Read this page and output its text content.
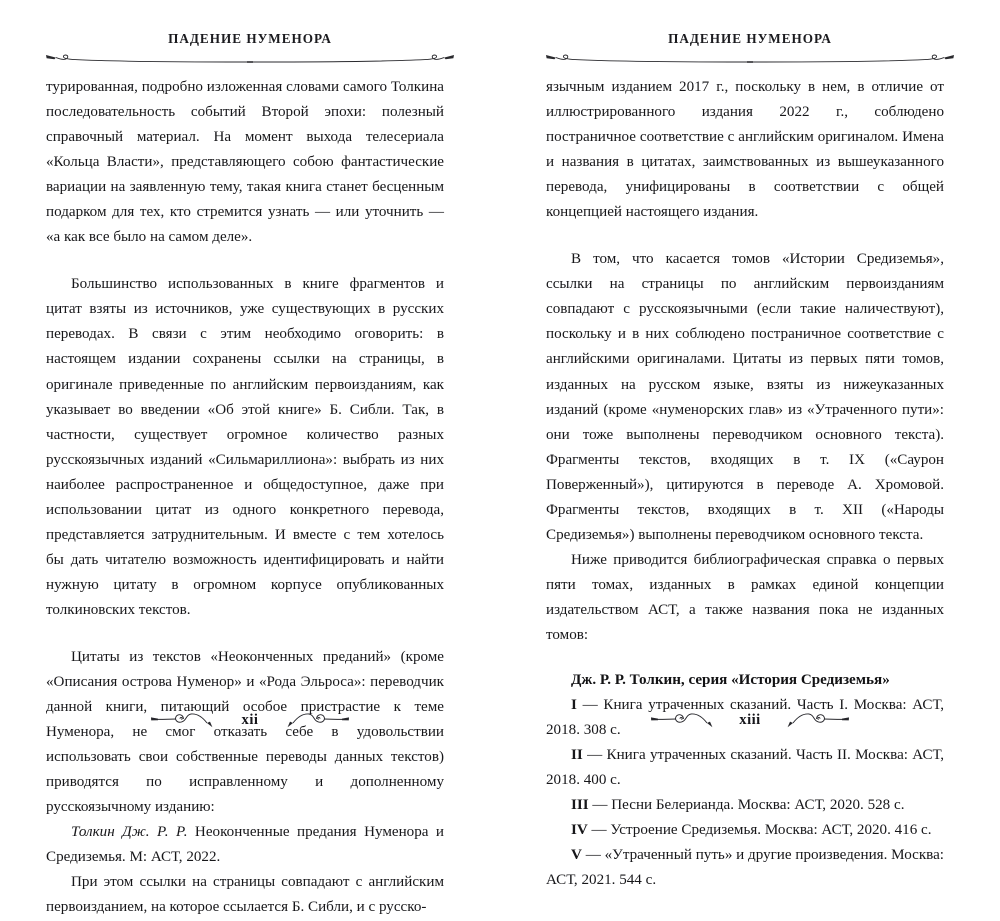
ПАДЕНИЕ НУМЕНОРА

турированная, подробно изложенная словами самого Толкина последовательность событий Второй эпохи: полезный справочный материал. На момент выхода телесериала «Кольца Власти», представляющего собою фантастические вариации на заявленную тему, такая книга станет бесценным подарком для тех, кто стремится узнать — или уточнить — «а как все было на самом деле».

Большинство использованных в книге фрагментов и цитат взяты из источников, уже существующих в русских переводах. В связи с этим необходимо оговорить: в настоящем издании сохранены ссылки на страницы, в оригинале приведенные по английским первоизданиям, как указывает во введении «Об этой книге» Б. Сибли. Так, в частности, существует огромное количество разных русскоязычных изданий «Сильмариллиона»: выбрать из них наиболее распространенное и общедоступное, даже при использовании цитат из одного конкретного перевода, представляется затруднительным. И вместе с тем хотелось бы дать читателю возможность идентифицировать и найти нужную цитату в огромном корпусе опубликованных толкиновских текстов.

Цитаты из текстов «Неоконченных преданий» (кроме «Описания острова Нуменор» и «Рода Эльроса»: переводчик данной книги, питающий особое пристрастие к теме Нуменора, не смог отказать себе в удовольствии использовать свои собственные переводы данных текстов) приводятся по исправленному и дополненному русскоязычному изданию:

Толкин Дж. Р. Р. Неоконченные предания Нуменора и Средиземья. М: АСТ, 2022.

При этом ссылки на страницы совпадают с английским первоизданием, на которое ссылается Б. Сибли, и с русско-

xii
ПАДЕНИЕ НУМЕНОРА

язычным изданием 2017 г., поскольку в нем, в отличие от иллюстрированного издания 2022 г., соблюдено постраничное соответствие с английским оригиналом. Имена и названия в цитатах, заимствованных из вышеуказанного перевода, унифицированы в соответствии с общей концепцией настоящего издания.

В том, что касается томов «Истории Средиземья», ссылки на страницы по английским первоизданиям совпадают с русскоязычными (если такие наличествуют), поскольку и в них соблюдено постраничное соответствие с английскими оригиналами. Цитаты из первых пяти томов, изданных на русском языке, взяты из нижеуказанных изданий (кроме «нуменорских глав» из «Утраченного пути»: они тоже выполнены переводчиком основного текста). Фрагменты текстов, входящих в т. IX («Саурон Поверженный»), цитируются в переводе А. Хромовой. Фрагменты текстов, входящих в т. XII («Народы Средиземья») выполнены переводчиком основного текста.

Ниже приводится библиографическая справка о первых пяти томах, изданных в рамках единой концепции издательством АСТ, а также названия пока не изданных томов:

Дж. Р. Р. Толкин, серия «История Средиземья»

I — Книга утраченных сказаний. Часть I. Москва: АСТ, 2018. 308 с.

II — Книга утраченных сказаний. Часть II. Москва: АСТ, 2018. 400 с.

III — Песни Белерианда. Москва: АСТ, 2020. 528 с.

IV — Устроение Средиземья. Москва: АСТ, 2020. 416 с.

V — «Утраченный путь» и другие произведения. Москва: АСТ, 2021. 544 с.

xiii
